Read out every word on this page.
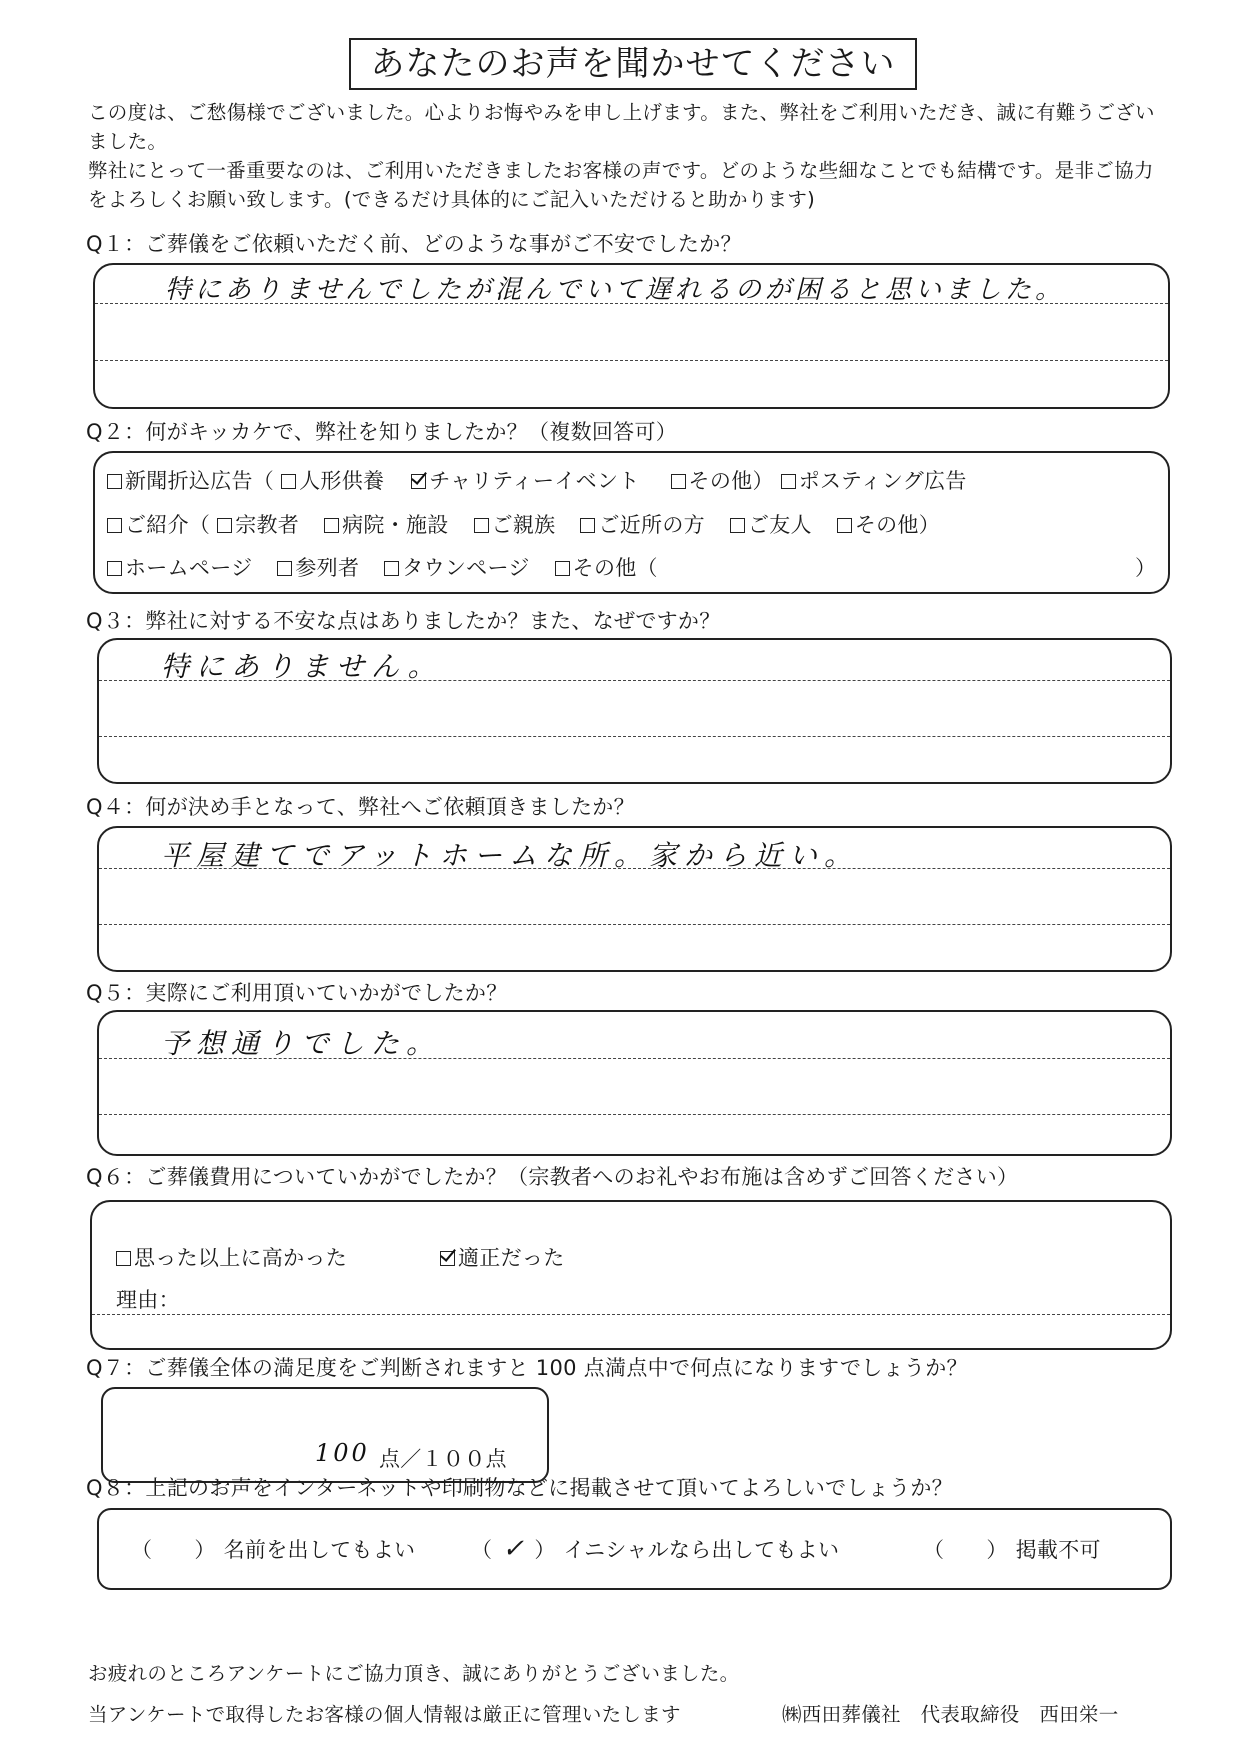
あなたのお声を聞かせてください

この度は、ご愁傷様でございました。心よりお悔やみを申し上げます。また、弊社をご利用いただき、誠に有難うございました。

弊社にとって一番重要なのは、ご利用いただきましたお客様の声です。どのような些細なことでも結構です。是非ご協力をよろしくお願い致します。(できるだけ具体的にご記入いただけると助かります)

Q１：ご葬儀をご依頼いただく前、どのような事がご不安でしたか？
特にありませんでしたが混んでいて遅れるのが困ると思いました。
Q２：何がキッカケで、弊社を知りましたか？（複数回答可）
新聞折込広告（ 人形供養 チャリティーイベント その他） ポスティング広告
ご紹介（ 宗教者 病院・施設 ご親族 ご近所の方 ご友人 その他）
ホームページ 参列者 タウンページ その他（	）
Q３：弊社に対する不安な点はありましたか？また、なぜですか？
特にありません。
Q４：何が決め手となって、弊社へご依頼頂きましたか？
平屋建てでアットホームな所。家から近い。
Q５：実際にご利用頂いていかがでしたか？
予想通りでした。
Q６：ご葬儀費用についていかがでしたか？（宗教者へのお礼やお布施は含めずご回答ください）
思った以上に高かった	適正だった
理由：
Q７：ご葬儀全体の満足度をご判断されますと 100 点満点中で何点になりますでしょうか？
100 点／１００点
Q８：上記のお声をインターネットや印刷物などに掲載させて頂いてよろしいでしょうか？
（ ） 名前を出してもよい	（ ✓ ） イニシャルなら出してもよい	（ ） 掲載不可
お疲れのところアンケートにご協力頂き、誠にありがとうございました。
当アンケートで取得したお客様の個人情報は厳正に管理いたします	㈱西田葬儀社　代表取締役　西田栄一
